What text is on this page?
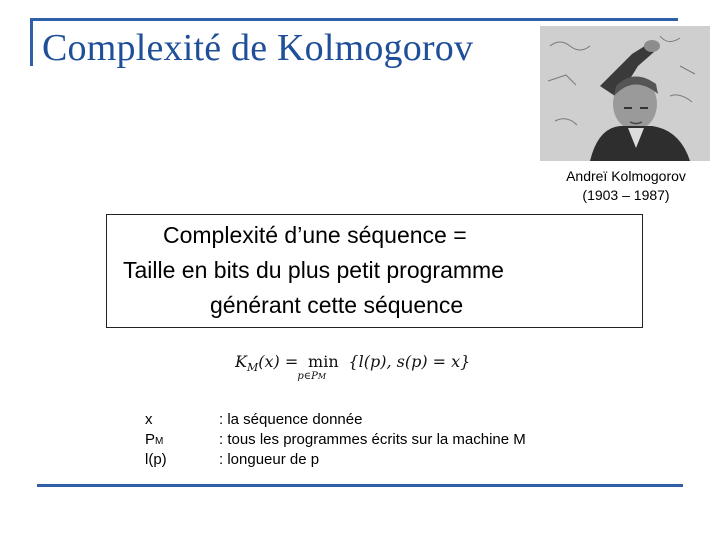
Complexité de Kolmogorov
Andreï Kolmogorov
(1903 – 1987)
Complexité d’une séquence =
Taille en bits du plus petit programme
générant cette séquence
$K_M(x) = \min$
p∈PM
{l(p), s(p) = x}
x
PM
l(p)
: la séquence donnée
: tous les programmes écrits sur la machine M
: longueur de p
